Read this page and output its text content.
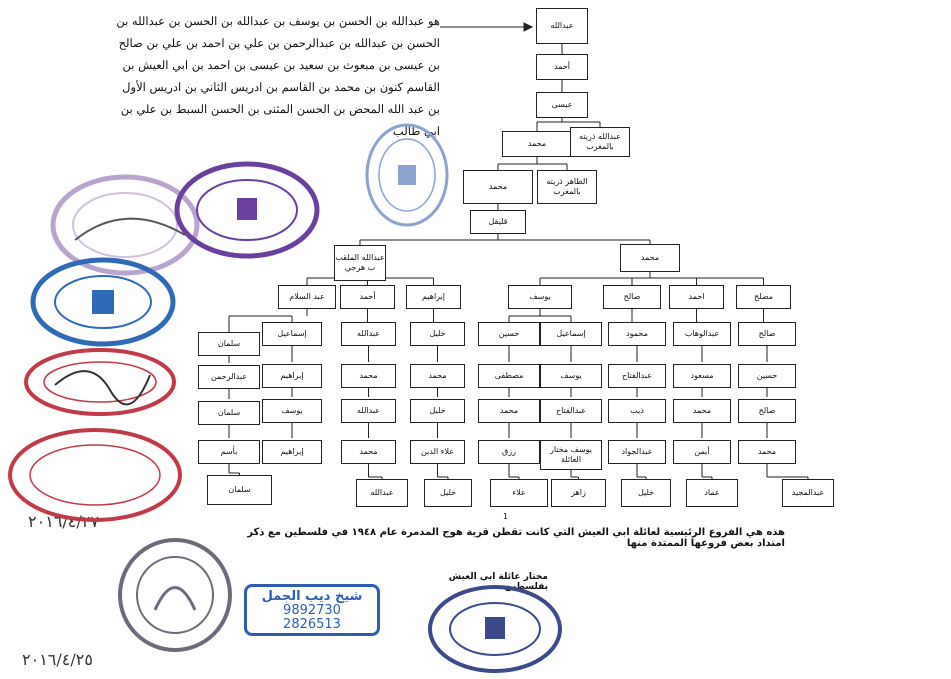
عبدالله
أحمد
عيسى
محمد
عبدالله ذريته بالمغرب
محمد
الطاهر ذريته بالمغرب
قليقل
عبدالله الملقب ب هرجي
محمد
عبد السلام	أحمد	إبراهيم	يوسف	صالح	احمد	مصلح
سلمان
عبدالرحمن
سلمان
بأسم
سلمان
إسماعيل
إبراهيم
يوسف
إبراهيم
عبدالله
محمد
عبدالله
محمد
عبدالله
خليل
محمد
خليل
علاء الدين
خليل
حسين
مصطفى
محمد
رزق
علاء
إسماعيل
يوسف
عبدالفتاح
يوسف مختار العائلة
زاهر
محمود
عبدالفتاح
ذيب
عبدالجواد
خليل
عبدالوهاب
مسعود
محمد
أيمن
عماد
صالح
حسين
صالح
محمد
عبدالمجيد
هو عبدالله بن الحسن بن يوسف بن عبدالله بن الحسن بن عبدالله بن الحسن بن عبدالله بن عبدالرحمن بن علي بن احمد بن علي بن صالح بن عيسى بن مبعوث بن سعيد بن عيسى بن احمد بن ابي العيش بن القاسم كنون بن محمد بن القاسم بن ادريس الثاني بن ادريس الأول بن عبد الله المحض بن الحسن المثنى بن الحسن السبط بن علي بن ابي طالب
1
هذه هي الفروع الرئيسية لعائلة ابي العيش التي كانت تقطن قرية هوج المدمرة عام ١٩٤٨ في فلسطين مع ذكر امتداد بعض فروعها الممتدة منها
مختار عائلة ابي العيش بفلسطين
شيخ ديب الجمل
9892730
2826513
٢٠١٦/٤/٢٧
٢٠١٦/٤/٢٥
